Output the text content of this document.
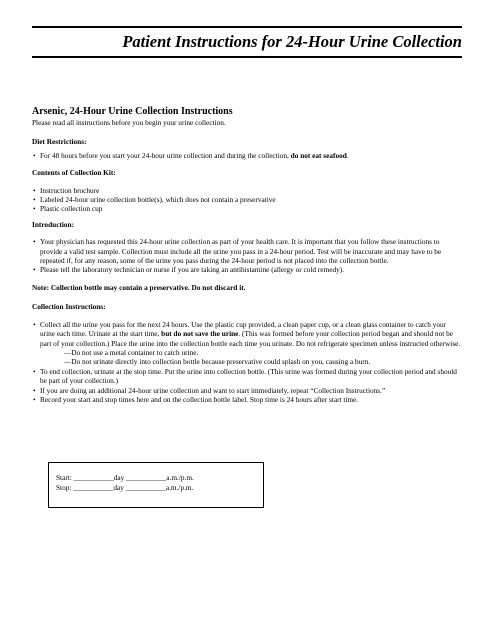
Patient Instructions for 24-Hour Urine Collection
Arsenic, 24-Hour Urine Collection Instructions
Please read all instructions before you begin your urine collection.
Diet Restrictions:
• For 48 hours before you start your 24-hour urine collection and during the collection, do not eat seafood.
Contents of Collection Kit:
• Instruction brochure
• Labeled 24-hour urine collection bottle(s), which does not contain a preservative
• Plastic collection cup
Introduction:
• Your physician has requested this 24-hour urine collection as part of your health care. It is important that you follow these instructions to provide a valid test sample. Collection must include all the urine you pass in a 24-hour period. Test will be inaccurate and may have to be repeated if, for any reason, some of the urine you pass during the 24-hour period is not placed into the collection bottle.
• Please tell the laboratory technician or nurse if you are taking an antihistamine (allergy or cold remedy).
Note: Collection bottle may contain a preservative. Do not discard it.
Collection Instructions:
• Collect all the urine you pass for the next 24 hours. Use the plastic cup provided, a clean paper cup, or a clean glass container to catch your urine each time. Urinate at the start time, but do not save the urine. (This was formed before your collection period began and should not be part of your collection.) Place the urine into the collection bottle each time you urinate. Do not refrigerate specimen unless instructed otherwise.
—Do not use a metal container to catch urine.
—Do not urinate directly into collection bottle because preservative could splash on you, causing a burn.
• To end collection, urinate at the stop time. Put the urine into collection bottle. (This urine was formed during your collection period and should be part of your collection.)
• If you are doing an additional 24-hour urine collection and want to start immediately, repeat “Collection Instructions.”
• Record your start and stop times here and on the collection bottle label. Stop time is 24 hours after start time.
Start: ___________day ___________a.m./p.m.
Stop: ___________day ___________a.m./p.m.
